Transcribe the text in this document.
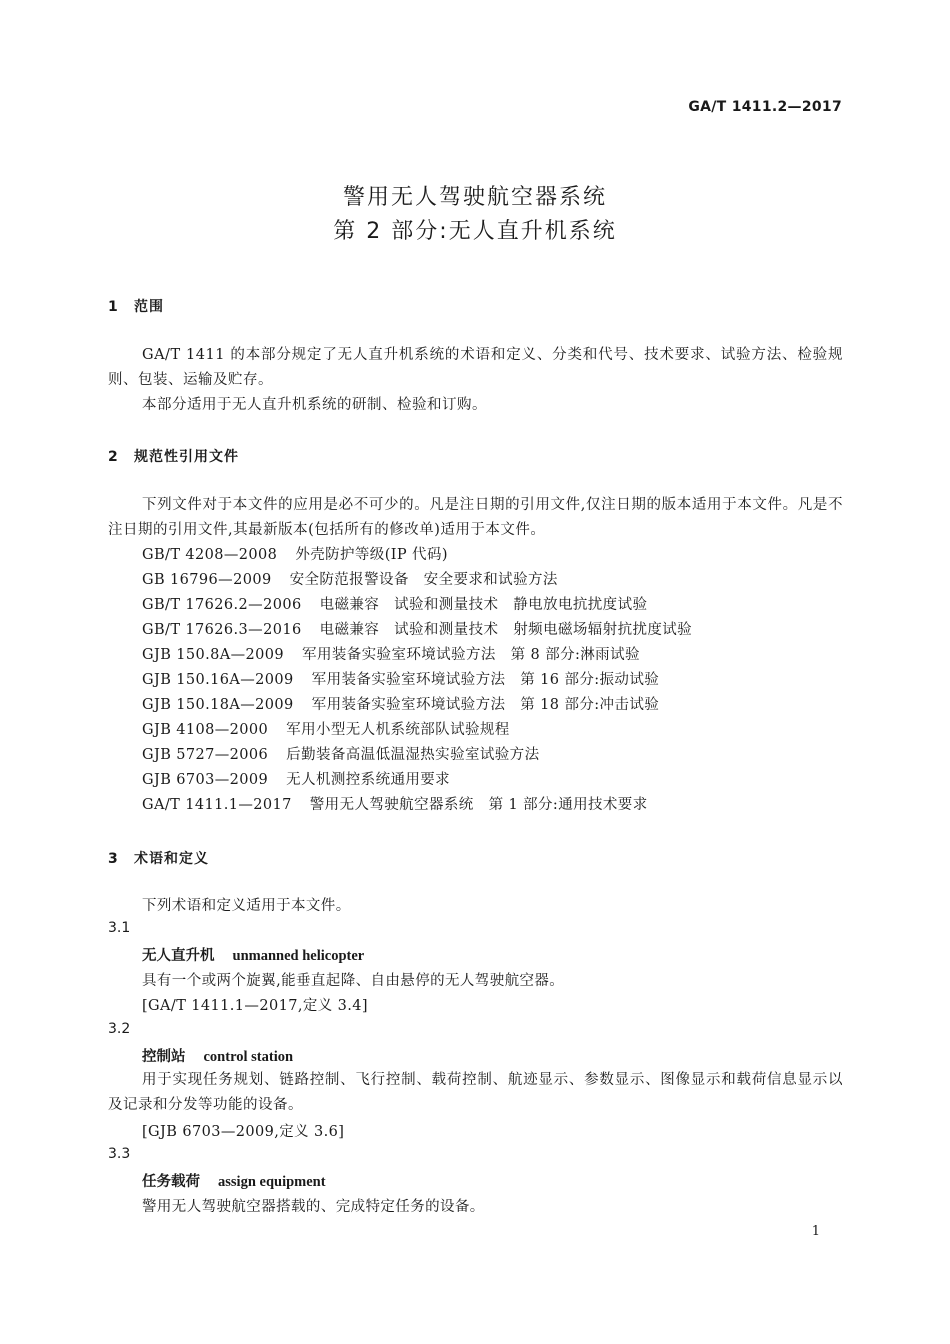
GA/T 1411.2—2017
警用无人驾驶航空器系统
第 2 部分:无人直升机系统
1 范围

GA/T 1411 的本部分规定了无人直升机系统的术语和定义、分类和代号、技术要求、试验方法、检验规则、包装、运输及贮存。

本部分适用于无人直升机系统的研制、检验和订购。

2 规范性引用文件

下列文件对于本文件的应用是必不可少的。凡是注日期的引用文件,仅注日期的版本适用于本文件。凡是不注日期的引用文件,其最新版本(包括所有的修改单)适用于本文件。

GB/T 4208—2008 外壳防护等级(IP 代码)
GB 16796—2009 安全防范报警设备　安全要求和试验方法
GB/T 17626.2—2006 电磁兼容　试验和测量技术　静电放电抗扰度试验
GB/T 17626.3—2016 电磁兼容　试验和测量技术　射频电磁场辐射抗扰度试验
GJB 150.8A—2009 军用装备实验室环境试验方法　第 8 部分:淋雨试验
GJB 150.16A—2009 军用装备实验室环境试验方法　第 16 部分:振动试验
GJB 150.18A—2009 军用装备实验室环境试验方法　第 18 部分:冲击试验
GJB 4108—2000 军用小型无人机系统部队试验规程
GJB 5727—2006 后勤装备高温低温湿热实验室试验方法
GJB 6703—2009 无人机测控系统通用要求
GA/T 1411.1—2017 警用无人驾驶航空器系统　第 1 部分:通用技术要求
3 术语和定义
下列术语和定义适用于本文件。
3.1
无人直升机 unmanned helicopter
具有一个或两个旋翼,能垂直起降、自由悬停的无人驾驶航空器。
[GA/T 1411.1—2017,定义 3.4]
3.2
控制站 control station

用于实现任务规划、链路控制、飞行控制、载荷控制、航迹显示、参数显示、图像显示和载荷信息显示以及记录和分发等功能的设备。

[GJB 6703—2009,定义 3.6]
3.3
任务载荷 assign equipment
警用无人驾驶航空器搭载的、完成特定任务的设备。
1
